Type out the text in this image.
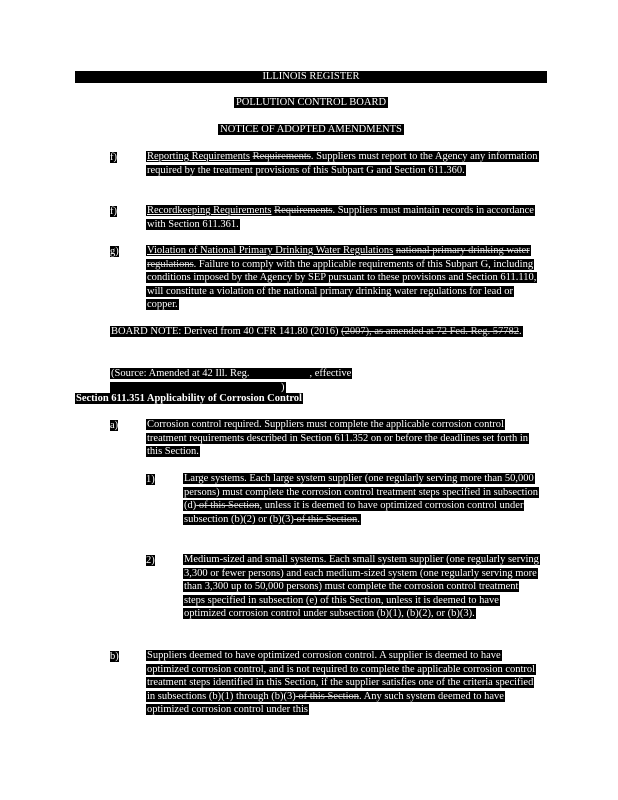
ILLINOIS REGISTER
POLLUTION CONTROL BOARD
NOTICE OF ADOPTED AMENDMENTS
f)	Reporting Requirements Requirements. Suppliers must report to the Agency any information required by the treatment provisions of this Subpart G and Section 611.360.
f)	Recordkeeping Requirements Requirements. Suppliers must maintain records in accordance with Section 611.361.
g)	Violation of National Primary Drinking Water Regulations national primary drinking water regulations. Failure to comply with the applicable requirements of this Subpart G, including conditions imposed by the Agency by SEP pursuant to these provisions and Section 611.110, will constitute a violation of the national primary drinking water regulations for lead or copper.
BOARD NOTE: Derived from 40 CFR 141.80 (2016) (2007), as amended at 72 Fed. Reg. 57782.
(Source: Amended at 42 Ill. Reg.	, effective)
Section 611.351 Applicability of Corrosion Control
a)	Corrosion control required. Suppliers must complete the applicable corrosion control treatment requirements described in Section 611.352 on or before the deadlines set forth in this Section.
1)	Large systems. Each large system supplier (one regularly serving more than 50,000 persons) must complete the corrosion control treatment steps specified in subsection (d) of this Section, unless it is deemed to have optimized corrosion control under subsection (b)(2) or (b)(3) of this Section.
2)	Medium-sized and small systems. Each small system supplier (one regularly serving 3,300 or fewer persons) and each medium-sized system (one regularly serving more than 3,300 up to 50,000 persons) must complete the corrosion control treatment steps specified in subsection (e) of this Section, unless it is deemed to have optimized corrosion control under subsection (b)(1), (b)(2), or (b)(3).
b)	Suppliers deemed to have optimized corrosion control. A supplier is deemed to have optimized corrosion control, and is not required to complete the applicable corrosion control treatment steps identified in this Section, if the supplier satisfies one of the criteria specified in subsections (b)(1) through (b)(3) of this Section. Any such system deemed to have optimized corrosion control under this
